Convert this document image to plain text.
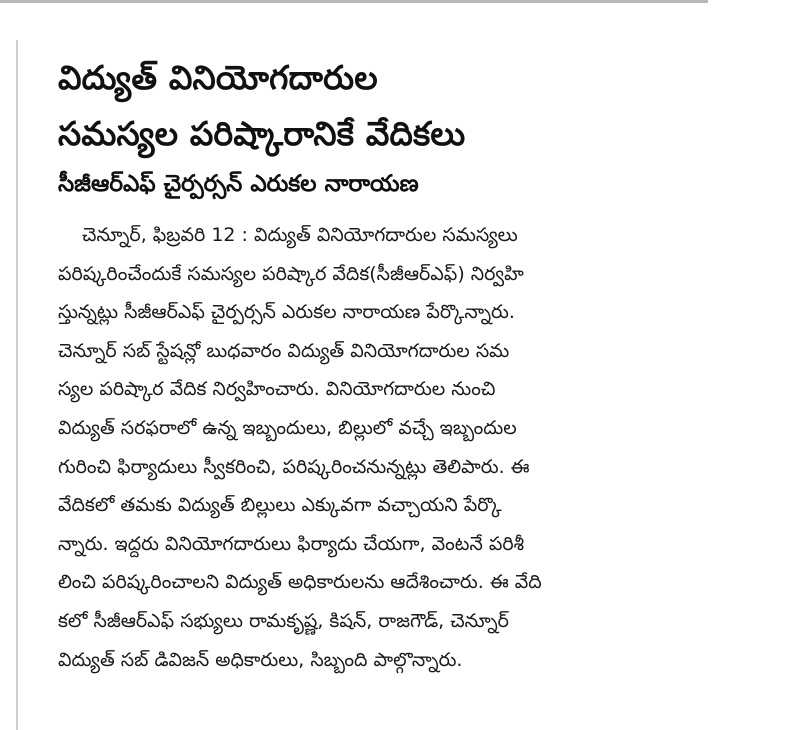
విద్యుత్ వినియోగదారుల
సమస్యల పరిష్కారానికే వేదికలు
సీజీఆర్ఎఫ్ చైర్పర్సన్ ఎరుకల నారాయణ
చెన్నూర్, ఫిబ్రవరి 12 : విద్యుత్ వినియోగదారుల సమస్యలు
పరిష్కరించేందుకే సమస్యల పరిష్కార వేదిక(సీజీఆర్ఎఫ్) నిర్వహి
స్తున్నట్లు సీజీఆర్ఎఫ్ చైర్పర్సన్ ఎరుకల నారాయణ పేర్కొన్నారు.
చెన్నూర్ సబ్ స్టేషన్లో బుధవారం విద్యుత్ వినియోగదారుల సమ
స్యల పరిష్కార వేదిక నిర్వహించారు. వినియోగదారుల నుంచి
విద్యుత్ సరఫరాలో ఉన్న ఇబ్బందులు, బిల్లులో వచ్చే ఇబ్బందుల
గురించి ఫిర్యాదులు స్వీకరించి, పరిష్కరించనున్నట్లు తెలిపారు. ఈ
వేదికలో తమకు విద్యుత్ బిల్లులు ఎక్కువగా వచ్చాయని పేర్కొ
న్నారు. ఇద్దరు వినియోగదారులు ఫిర్యాదు చేయగా, వెంటనే పరిశీ
లించి పరిష్కరించాలని విద్యుత్ అధికారులను ఆదేశించారు. ఈ వేది
కలో సీజీఆర్ఎఫ్ సభ్యులు రామకృష్ణ, కిషన్, రాజగౌడ్, చెన్నూర్
విద్యుత్ సబ్ డివిజన్ అధికారులు, సిబ్బంది పాల్గొన్నారు.
